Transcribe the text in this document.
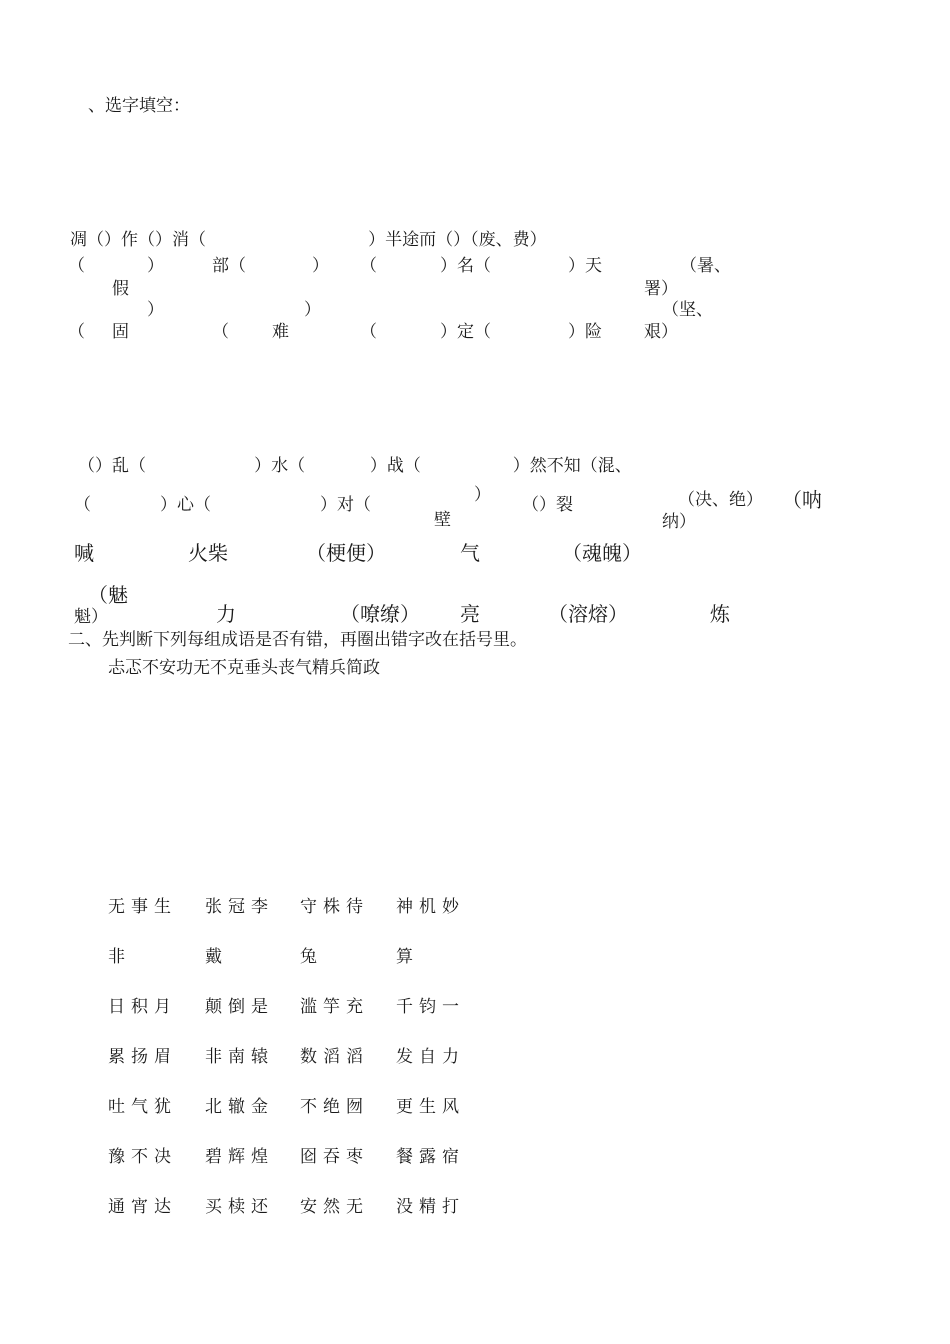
、选字填空：
凋（）作（）消（                              ）半途而（）（废、费）
（	）	部（	） （	）名（	）天	（暑、
假	署）
）	）	（坚、
（ 固	（	难	（	）定（	）险 艰）
（）乱（                    ）水（            ）战（                 ）然不知（混、
（	）心（	）对（	） （）裂	（决、绝） （呐
壁	纳）
喊	火柴	（梗便）	气	（魂魄）
（魅
魁）	力	（嘹缭） 亮	（溶熔）	炼
二、先判断下列每组成语是否有错，再圈出错字改在括号里。
忐忑不安功无不克垂头丧气精兵简政
无事生 张冠李 守株待 神机妙
非	戴	兔	算
日积月 颠倒是 滥竽充 千钧一
累扬眉 非南辕 数滔滔 发自力
吐气犹 北辙金 不绝囫 更生风
豫不决 碧辉煌 囵吞枣 餐露宿
通宵达 买椟还 安然无 没精打
